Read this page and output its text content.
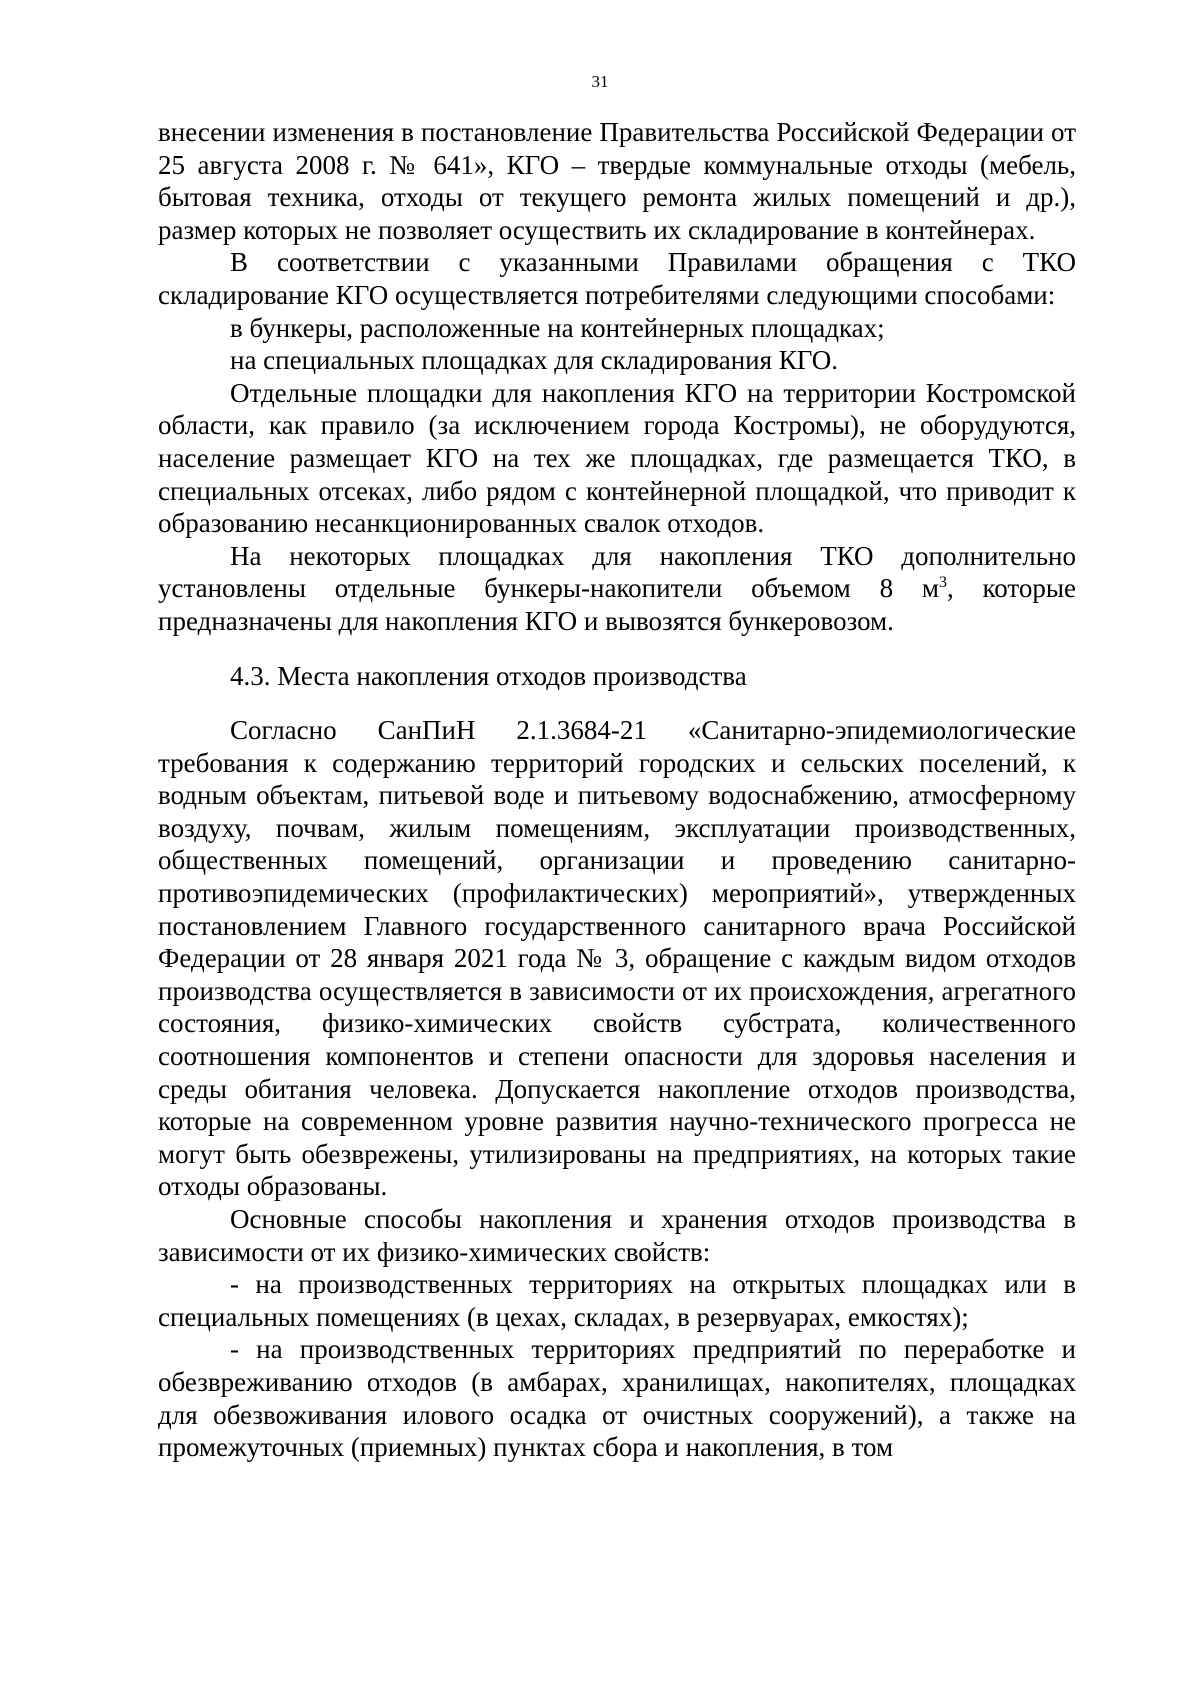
31

внесении изменения в постановление Правительства Российской Федерации от 25 августа 2008 г. № 641», КГО – твердые коммунальные отходы (мебель, бытовая техника, отходы от текущего ремонта жилых помещений и др.), размер которых не позволяет осуществить их складирование в контейнерах.

В соответствии с указанными Правилами обращения с ТКО складирование КГО осуществляется потребителями следующими способами:

в бункеры, расположенные на контейнерных площадках;

на специальных площадках для складирования КГО.

Отдельные площадки для накопления КГО на территории Костромской области, как правило (за исключением города Костромы), не оборудуются, население размещает КГО на тех же площадках, где размещается ТКО, в специальных отсеках, либо рядом с контейнерной площадкой, что приводит к образованию несанкционированных свалок отходов.

На некоторых площадках для накопления ТКО дополнительно установлены отдельные бункеры-накопители объемом 8 $м^3$, которые предназначены для накопления КГО и вывозятся бункеровозом.

4.3. Места накопления отходов производства

Согласно СанПиН 2.1.3684-21 «Санитарно-эпидемиологические требования к содержанию территорий городских и сельских поселений, к водным объектам, питьевой воде и питьевому водоснабжению, атмосферному воздуху, почвам, жилым помещениям, эксплуатации производственных, общественных помещений, организации и проведению санитарно-противоэпидемических (профилактических) мероприятий», утвержденных постановлением Главного государственного санитарного врача Российской Федерации от 28 января 2021 года № 3, обращение с каждым видом отходов производства осуществляется в зависимости от их происхождения, агрегатного состояния, физико-химических свойств субстрата, количественного соотношения компонентов и степени опасности для здоровья населения и среды обитания человека. Допускается накопление отходов производства, которые на современном уровне развития научно-технического прогресса не могут быть обезврежены, утилизированы на предприятиях, на которых такие отходы образованы.

Основные способы накопления и хранения отходов производства в зависимости от их физико-химических свойств:

- на производственных территориях на открытых площадках или в специальных помещениях (в цехах, складах, в резервуарах, емкостях);

- на производственных территориях предприятий по переработке и обезвреживанию отходов (в амбарах, хранилищах, накопителях, площадках для обезвоживания илового осадка от очистных сооружений), а также на промежуточных (приемных) пунктах сбора и накопления, в том
